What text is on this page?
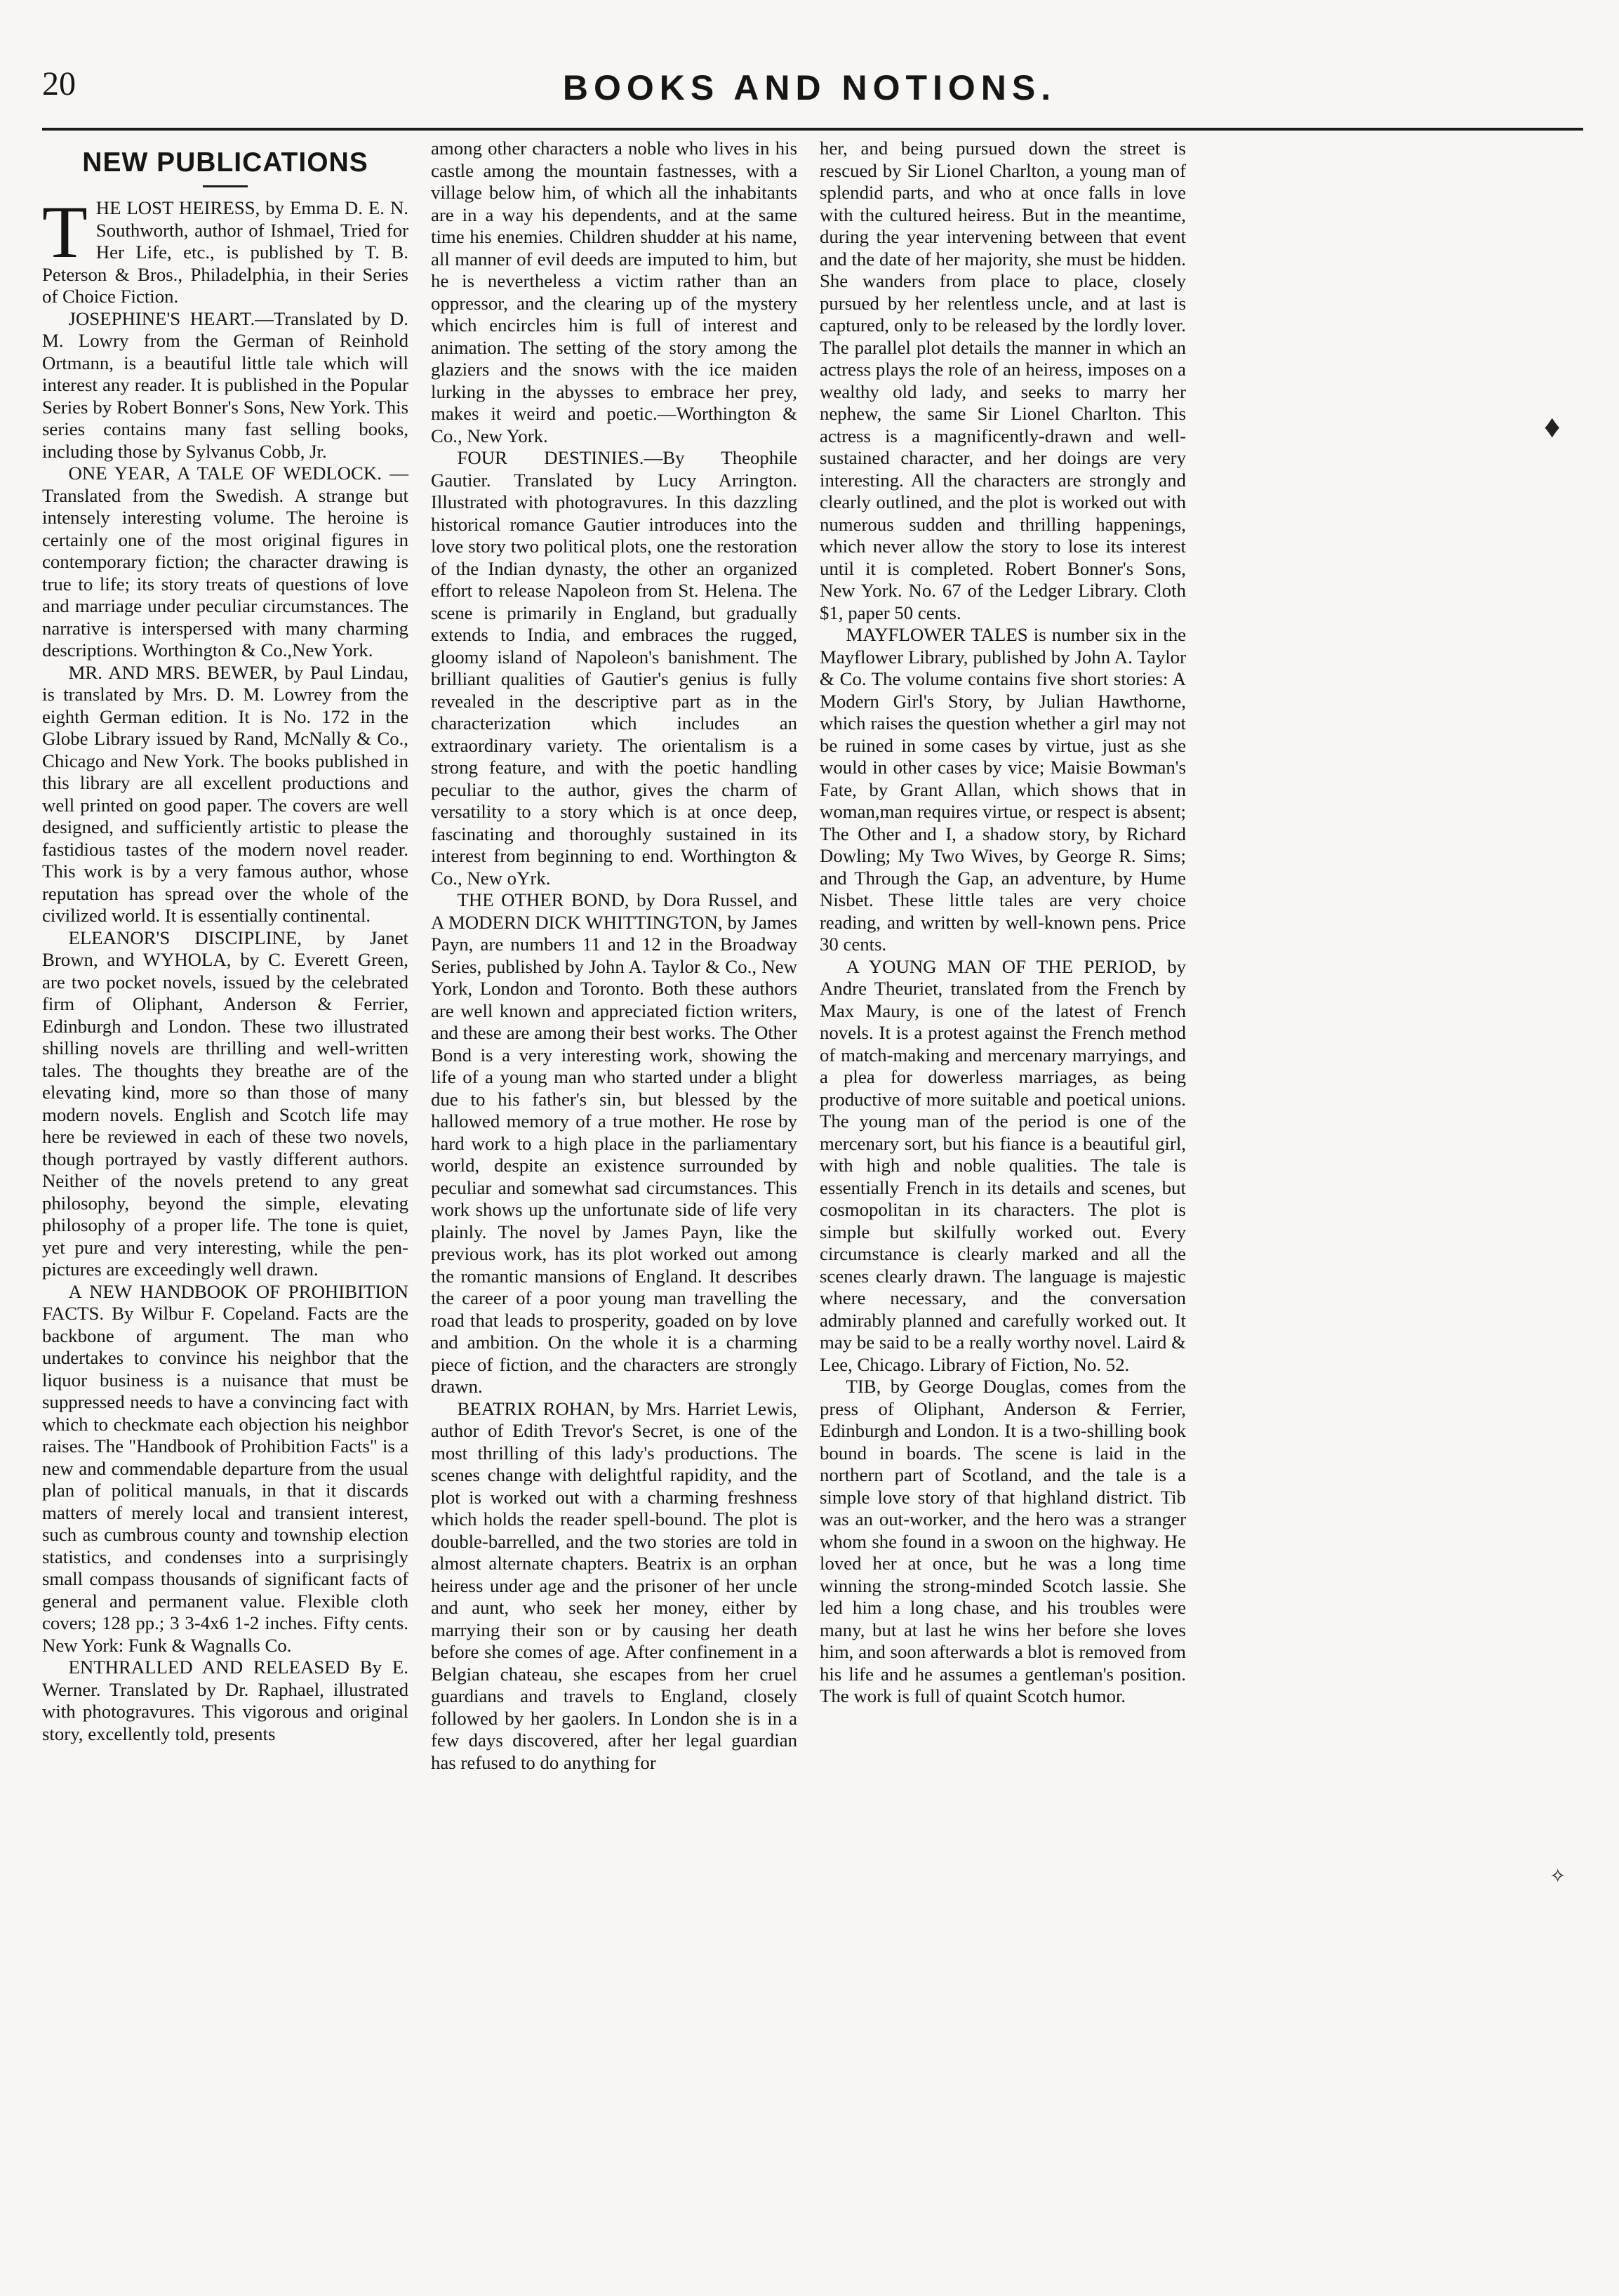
20	BOOKS AND NOTIONS.
NEW PUBLICATIONS

THE LOST HEIRESS, by Emma D. E. N. Southworth, author of Ishmael, Tried for Her Life, etc., is published by T. B. Peterson & Bros., Philadelphia, in their Series of Choice Fiction.

JOSEPHINE'S HEART.—Translated by D. M. Lowry from the German of Reinhold Ortmann, is a beautiful little tale which will interest any reader. It is published in the Popular Series by Robert Bonner's Sons, New York. This series contains many fast selling books, including those by Sylvanus Cobb, Jr.

ONE YEAR, A TALE OF WEDLOCK. —Translated from the Swedish. A strange but intensely interesting volume. The heroine is certainly one of the most original figures in contemporary fiction; the character drawing is true to life; its story treats of questions of love and marriage under peculiar circumstances. The narrative is interspersed with many charming descriptions. Worthington & Co.,New York.

MR. AND MRS. BEWER, by Paul Lindau, is translated by Mrs. D. M. Lowrey from the eighth German edition. It is No. 172 in the Globe Library issued by Rand, McNally & Co., Chicago and New York. The books published in this library are all excellent productions and well printed on good paper. The covers are well designed, and sufficiently artistic to please the fastidious tastes of the modern novel reader. This work is by a very famous author, whose reputation has spread over the whole of the civilized world. It is essentially continental.

ELEANOR'S DISCIPLINE, by Janet Brown, and WYHOLA, by C. Everett Green, are two pocket novels, issued by the celebrated firm of Oliphant, Anderson & Ferrier, Edinburgh and London. These two illustrated shilling novels are thrilling and well-written tales. The thoughts they breathe are of the elevating kind, more so than those of many modern novels. English and Scotch life may here be reviewed in each of these two novels, though portrayed by vastly different authors. Neither of the novels pretend to any great philosophy, beyond the simple, elevating philosophy of a proper life. The tone is quiet, yet pure and very interesting, while the pen-pictures are exceedingly well drawn.

A NEW HANDBOOK OF PROHIBITION FACTS. By Wilbur F. Copeland. Facts are the backbone of argument. The man who undertakes to convince his neighbor that the liquor business is a nuisance that must be suppressed needs to have a convincing fact with which to checkmate each objection his neighbor raises. The "Handbook of Prohibition Facts" is a new and commendable departure from the usual plan of political manuals, in that it discards matters of merely local and transient interest, such as cumbrous county and township election statistics, and condenses into a surprisingly small compass thousands of significant facts of general and permanent value. Flexible cloth covers; 128 pp.; 3 3-4x6 1-2 inches. Fifty cents. New York: Funk & Wagnalls Co.

ENTHRALLED AND RELEASED By E. Werner. Translated by Dr. Raphael, illustrated with photogravures. This vigorous and original story, excellently told, presents

among other characters a noble who lives in his castle among the mountain fastnesses, with a village below him, of which all the inhabitants are in a way his dependents, and at the same time his enemies. Children shudder at his name, all manner of evil deeds are imputed to him, but he is nevertheless a victim rather than an oppressor, and the clearing up of the mystery which encircles him is full of interest and animation. The setting of the story among the glaziers and the snows with the ice maiden lurking in the abysses to embrace her prey, makes it weird and poetic.—Worthington & Co., New York.

FOUR DESTINIES.—By Theophile Gautier. Translated by Lucy Arrington. Illustrated with photogravures. In this dazzling historical romance Gautier introduces into the love story two political plots, one the restoration of the Indian dynasty, the other an organized effort to release Napoleon from St. Helena. The scene is primarily in England, but gradually extends to India, and embraces the rugged, gloomy island of Napoleon's banishment. The brilliant qualities of Gautier's genius is fully revealed in the descriptive part as in the characterization which includes an extraordinary variety. The orientalism is a strong feature, and with the poetic handling peculiar to the author, gives the charm of versatility to a story which is at once deep, fascinating and thoroughly sustained in its interest from beginning to end. Worthington & Co., New oYrk.

THE OTHER BOND, by Dora Russel, and A MODERN DICK WHITTINGTON, by James Payn, are numbers 11 and 12 in the Broadway Series, published by John A. Taylor & Co., New York, London and Toronto. Both these authors are well known and appreciated fiction writers, and these are among their best works. The Other Bond is a very interesting work, showing the life of a young man who started under a blight due to his father's sin, but blessed by the hallowed memory of a true mother. He rose by hard work to a high place in the parliamentary world, despite an existence surrounded by peculiar and somewhat sad circumstances. This work shows up the unfortunate side of life very plainly. The novel by James Payn, like the previous work, has its plot worked out among the romantic mansions of England. It describes the career of a poor young man travelling the road that leads to prosperity, goaded on by love and ambition. On the whole it is a charming piece of fiction, and the characters are strongly drawn.

BEATRIX ROHAN, by Mrs. Harriet Lewis, author of Edith Trevor's Secret, is one of the most thrilling of this lady's productions. The scenes change with delightful rapidity, and the plot is worked out with a charming freshness which holds the reader spell-bound. The plot is double-barrelled, and the two stories are told in almost alternate chapters. Beatrix is an orphan heiress under age and the prisoner of her uncle and aunt, who seek her money, either by marrying their son or by causing her death before she comes of age. After confinement in a Belgian chateau, she escapes from her cruel guardians and travels to England, closely followed by her gaolers. In London she is in a few days discovered, after her legal guardian has refused to do anything for

her, and being pursued down the street is rescued by Sir Lionel Charlton, a young man of splendid parts, and who at once falls in love with the cultured heiress. But in the meantime, during the year intervening between that event and the date of her majority, she must be hidden. She wanders from place to place, closely pursued by her relentless uncle, and at last is captured, only to be released by the lordly lover. The parallel plot details the manner in which an actress plays the role of an heiress, imposes on a wealthy old lady, and seeks to marry her nephew, the same Sir Lionel Charlton. This actress is a magnificently-drawn and well-sustained character, and her doings are very interesting. All the characters are strongly and clearly outlined, and the plot is worked out with numerous sudden and thrilling happenings, which never allow the story to lose its interest until it is completed. Robert Bonner's Sons, New York. No. 67 of the Ledger Library. Cloth $1, paper 50 cents.

MAYFLOWER TALES is number six in the Mayflower Library, published by John A. Taylor & Co. The volume contains five short stories: A Modern Girl's Story, by Julian Hawthorne, which raises the question whether a girl may not be ruined in some cases by virtue, just as she would in other cases by vice; Maisie Bowman's Fate, by Grant Allan, which shows that in woman,man requires virtue, or respect is absent; The Other and I, a shadow story, by Richard Dowling; My Two Wives, by George R. Sims; and Through the Gap, an adventure, by Hume Nisbet. These little tales are very choice reading, and written by well-known pens. Price 30 cents.

A YOUNG MAN OF THE PERIOD, by Andre Theuriet, translated from the French by Max Maury, is one of the latest of French novels. It is a protest against the French method of match-making and mercenary marryings, and a plea for dowerless marriages, as being productive of more suitable and poetical unions. The young man of the period is one of the mercenary sort, but his fiance is a beautiful girl, with high and noble qualities. The tale is essentially French in its details and scenes, but cosmopolitan in its characters. The plot is simple but skilfully worked out. Every circumstance is clearly marked and all the scenes clearly drawn. The language is majestic where necessary, and the conversation admirably planned and carefully worked out. It may be said to be a really worthy novel. Laird & Lee, Chicago. Library of Fiction, No. 52.

TIB, by George Douglas, comes from the press of Oliphant, Anderson & Ferrier, Edinburgh and London. It is a two-shilling book bound in boards. The scene is laid in the northern part of Scotland, and the tale is a simple love story of that highland district. Tib was an out-worker, and the hero was a stranger whom she found in a swoon on the highway. He loved her at once, but he was a long time winning the strong-minded Scotch lassie. She led him a long chase, and his troubles were many, but at last he wins her before she loves him, and soon afterwards a blot is removed from his life and he assumes a gentleman's position. The work is full of quaint Scotch humor.

♦
✧
